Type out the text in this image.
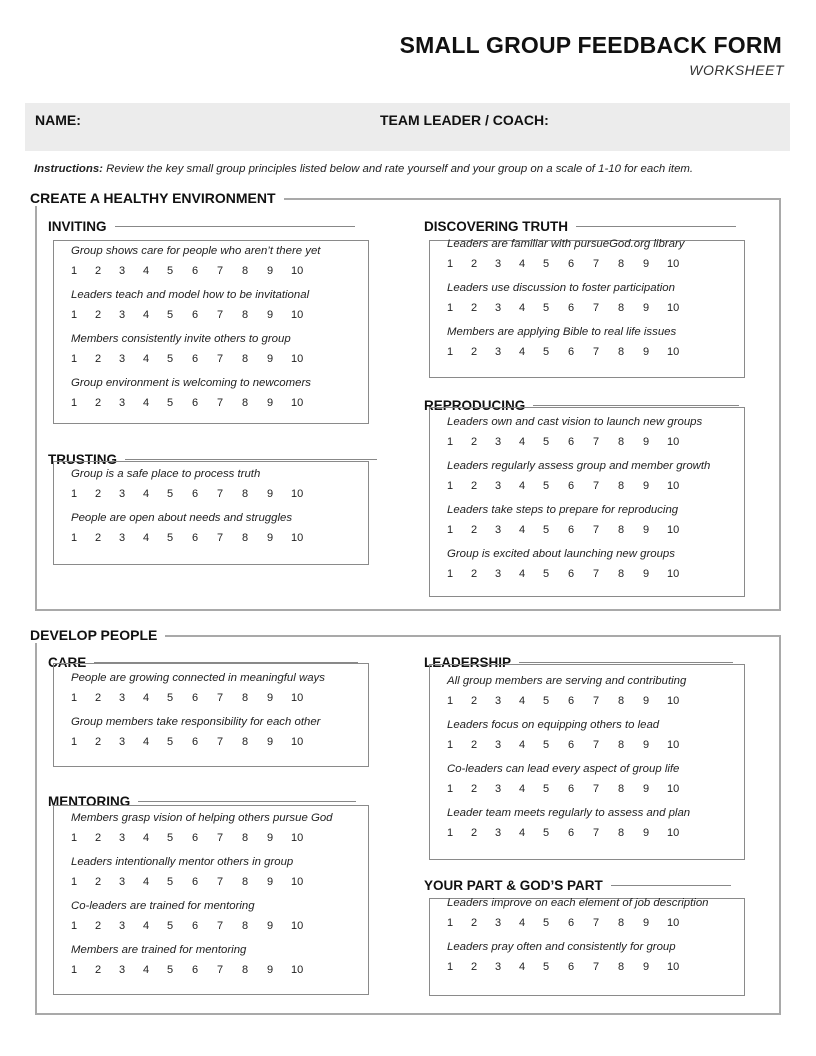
SMALL GROUP FEEDBACK FORM
WORKSHEET
NAME:	TEAM LEADER / COACH:
Instructions: Review the key small group principles listed below and rate yourself and your group on a scale of 1-10 for each item.
CREATE A HEALTHY ENVIRONMENT
DEVELOP PEOPLE
INVITING
Group shows care for people who aren’t there yet
1 2 3 4 5 6 7 8 9 10
Leaders teach and model how to be invitational
1 2 3 4 5 6 7 8 9 10
Members consistently invite others to group
1 2 3 4 5 6 7 8 9 10
Group environment is welcoming to newcomers
1 2 3 4 5 6 7 8 9 10
TRUSTING
Group is a safe place to process truth
1 2 3 4 5 6 7 8 9 10
People are open about needs and struggles
1 2 3 4 5 6 7 8 9 10
DISCOVERING TRUTH
Leaders are familiar with pursueGod.org library
1 2 3 4 5 6 7 8 9 10
Leaders use discussion to foster participation
1 2 3 4 5 6 7 8 9 10
Members are applying Bible to real life issues
1 2 3 4 5 6 7 8 9 10
REPRODUCING
Leaders own and cast vision to launch new groups
1 2 3 4 5 6 7 8 9 10
Leaders regularly assess group and member growth
1 2 3 4 5 6 7 8 9 10
Leaders take steps to prepare for reproducing
1 2 3 4 5 6 7 8 9 10
Group is excited about launching new groups
1 2 3 4 5 6 7 8 9 10
CARE
People are growing connected in meaningful ways
1 2 3 4 5 6 7 8 9 10
Group members take responsibility for each other
1 2 3 4 5 6 7 8 9 10
MENTORING
Members grasp vision of helping others pursue God
1 2 3 4 5 6 7 8 9 10
Leaders intentionally mentor others in group
1 2 3 4 5 6 7 8 9 10
Co-leaders are trained for mentoring
1 2 3 4 5 6 7 8 9 10
Members are trained for mentoring
1 2 3 4 5 6 7 8 9 10
LEADERSHIP
All group members are serving and contributing
1 2 3 4 5 6 7 8 9 10
Leaders focus on equipping others to lead
1 2 3 4 5 6 7 8 9 10
Co-leaders can lead every aspect of group life
1 2 3 4 5 6 7 8 9 10
Leader team meets regularly to assess and plan
1 2 3 4 5 6 7 8 9 10
YOUR PART & GOD’S PART
Leaders improve on each element of job description
1 2 3 4 5 6 7 8 9 10
Leaders pray often and consistently for group
1 2 3 4 5 6 7 8 9 10
